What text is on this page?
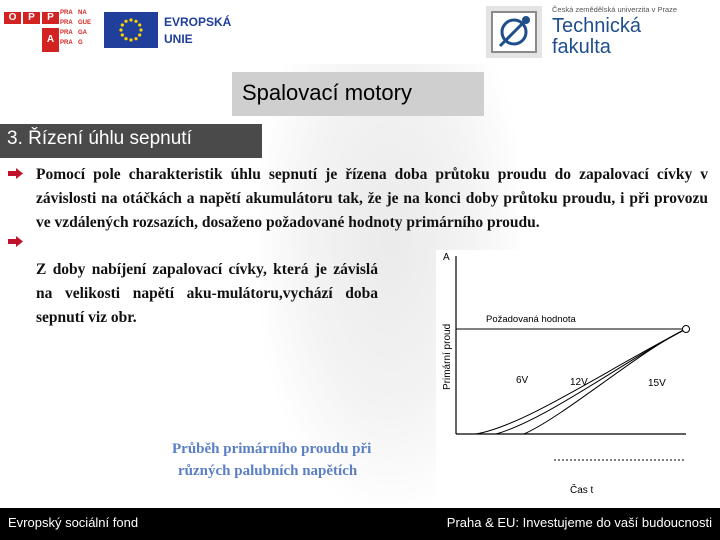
O	P	P
A
PRA NA
PRA GUE
PRA GA
PRA G
EVROPSKÁ
UNIE
Česká zemědělská univerzita v Praze
Technická
fakulta
Spalovací motory
3. Řízení úhlu sepnutí
Pomocí pole charakteristik úhlu sepnutí je řízena doba průtoku proudu do zapalovací cívky v závislosti na otáčkách a napětí akumulátoru tak, že je na konci doby průtoku proudu, i při provozu ve vzdálených rozsazích, dosaženo požadované hodnoty primárního proudu.
Z doby nabíjení zapalovací cívky, která je závislá na velikosti napětí aku-mulátoru,vychází doba sepnutí viz obr.
A
Primární proud
Požadovaná hodnota
6V	12V	15V
Čas t
Průběh primárního proudu při
různých palubních napětích
Evropský sociální fond	Praha & EU: Investujeme do vaší budoucnosti
